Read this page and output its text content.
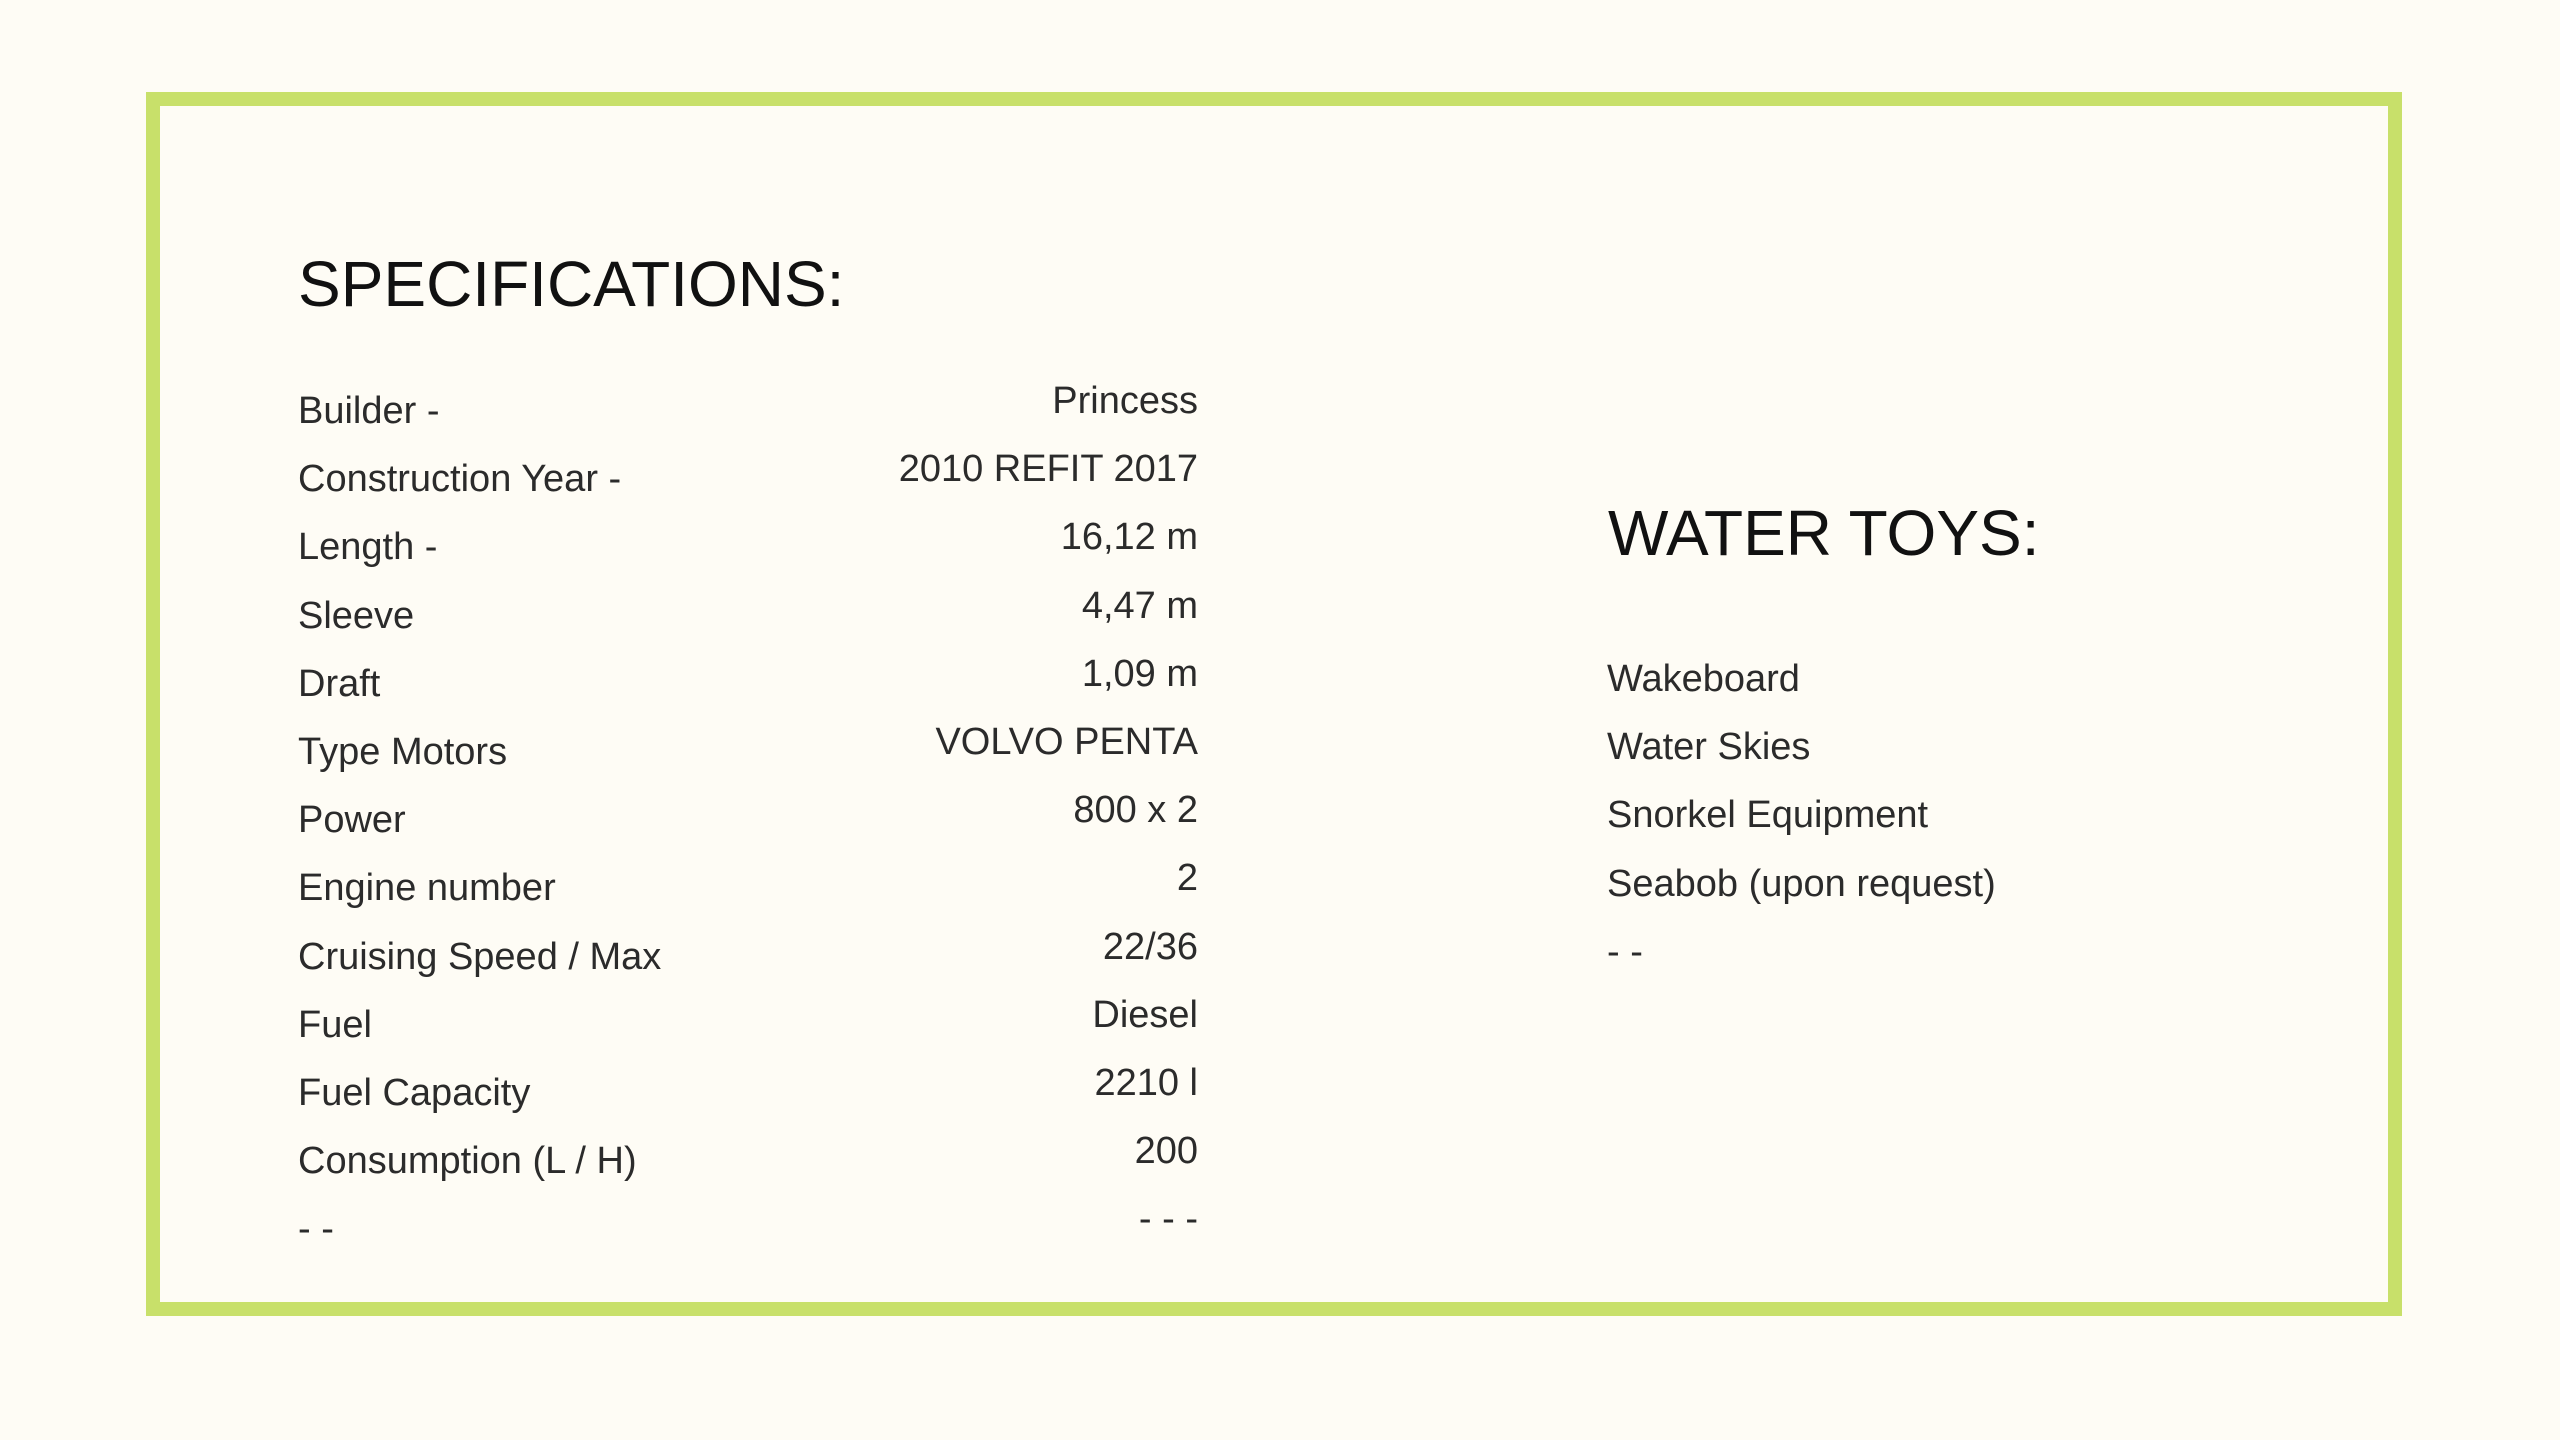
SPECIFICATIONS:
Builder -	Princess
Construction Year -	2010 REFIT 2017
Length -	16,12 m
Sleeve	4,47 m
Draft	1,09 m
Type Motors	VOLVO PENTA
Power	800 x 2
Engine number	2
Cruising Speed / Max	22/36
Fuel	Diesel
Fuel Capacity	2210 l
Consumption (L / H)	200
- -	- - -
WATER TOYS:
Wakeboard
Water Skies
Snorkel Equipment
Seabob (upon request)
- -
